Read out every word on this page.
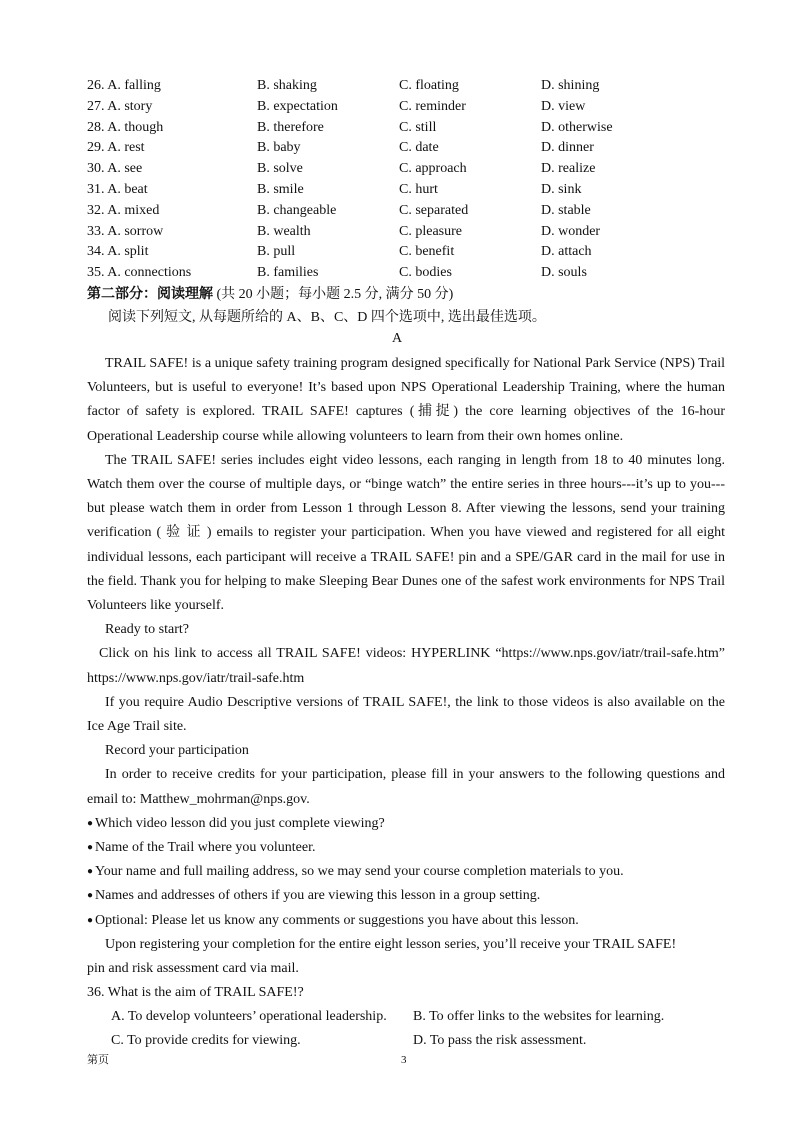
26. A. falling	B. shaking	C. floating	D. shining
27. A. story	B. expectation	C. reminder	D. view
28. A. though	B. therefore	C. still	D. otherwise
29. A. rest	B. baby	C. date	D. dinner
30. A. see	B. solve	C. approach	D. realize
31. A. beat	B. smile	C. hurt	D. sink
32. A. mixed	B. changeable	C. separated	D. stable
33. A. sorrow	B. wealth	C. pleasure	D. wonder
34. A. split	B. pull	C. benefit	D. attach
35. A. connections	B. families	C. bodies	D. souls
第二部分：阅读理解 (共 20 小题；每小题 2.5 分, 满分 50 分)
阅读下列短文, 从每题所给的 A、B、C、D 四个选项中, 选出最佳选项。
A

TRAIL SAFE! is a unique safety training program designed specifically for National Park Service (NPS) Trail Volunteers, but is useful to everyone! It’s based upon NPS Operational Leadership Training, where the human factor of safety is explored. TRAIL SAFE! captures (捕捉) the core learning objectives of the 16-hour Operational Leadership course while allowing volunteers to learn from their own homes online.

The TRAIL SAFE! series includes eight video lessons, each ranging in length from 18 to 40 minutes long. Watch them over the course of multiple days, or “binge watch” the entire series in three hours---it’s up to you--- but please watch them in order from Lesson 1 through Lesson 8. After viewing the lessons, send your training verification ( 验 证 ) emails to register your participation. When you have viewed and registered for all eight individual lessons, each participant will receive a TRAIL SAFE! pin and a SPE/GAR card in the mail for use in the field. Thank you for helping to make Sleeping Bear Dunes one of the safest work environments for NPS Trail Volunteers like yourself.

Ready to start?

Click on his link to access all TRAIL SAFE! videos: HYPERLINK “https://www.nps.gov/iatr/trail-safe.htm” https://www.nps.gov/iatr/trail-safe.htm

If you require Audio Descriptive versions of TRAIL SAFE!, the link to those videos is also available on the Ice Age Trail site.

Record your participation

In order to receive credits for your participation, please fill in your answers to the following questions and email to: Matthew_mohrman@nps.gov.

● Which video lesson did you just complete viewing?

● Name of the Trail where you volunteer.

● Your name and full mailing address, so we may send your course completion materials to you.

● Names and addresses of others if you are viewing this lesson in a group setting.

● Optional: Please let us know any comments or suggestions you have about this lesson.

Upon registering your completion for the entire eight lesson series, you’ll receive your TRAIL SAFE!

pin and risk assessment card via mail.

36. What is the aim of TRAIL SAFE!?

A. To develop volunteers’ operational leadership.	B. To offer links to the websites for learning.
C. To provide credits for viewing.	D. To pass the risk assessment.
第页	3
